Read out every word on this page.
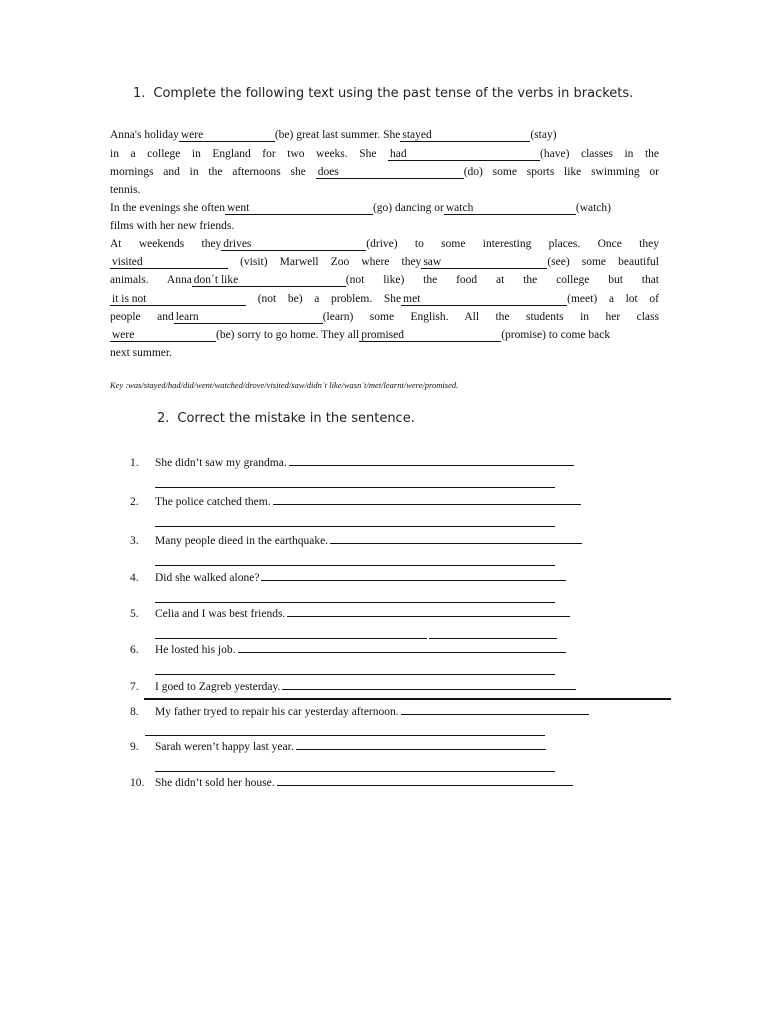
1. Complete the following text using the past tense of the verbs in brackets.
Anna's holiday were	(be) great last summer. She stayed	(stay)
in a college in England for two weeks. She had	(have) classes in the
mornings and in the afternoons she does	(do) some sports like swimming or
tennis.
In the evenings she often went	(go) dancing or watch	(watch)
films with her new friends.
At weekends they drives	(drive) to some interesting places. Once they
visited	(visit) Marwell Zoo where they saw	(see) some beautiful
animals. Anna don´t like	(not like) the food at the college but that
it is not	(not be) a problem. She met	(meet) a lot of
people and learn	(learn) some English. All the students in her class
were	(be) sorry to go home. They all promised	(promise) to come back
next summer.
Key :was/stayed/had/did/went/watched/drove/visited/saw/didn´t like/wasn´t/met/learnt/were/promised.
2. Correct the mistake in the sentence.
1. She didn’t saw my grandma.
2. The police catched them.
3. Many people dieed in the earthquake.
4. Did she walked alone?
5. Celia and I was best friends.
6. He losted his job.
7. I goed to Zagreb yesterday.
8. My father tryed to repair his car yesterday afternoon.
9. Sarah weren’t happy last year.
10. She didn’t sold her house.
